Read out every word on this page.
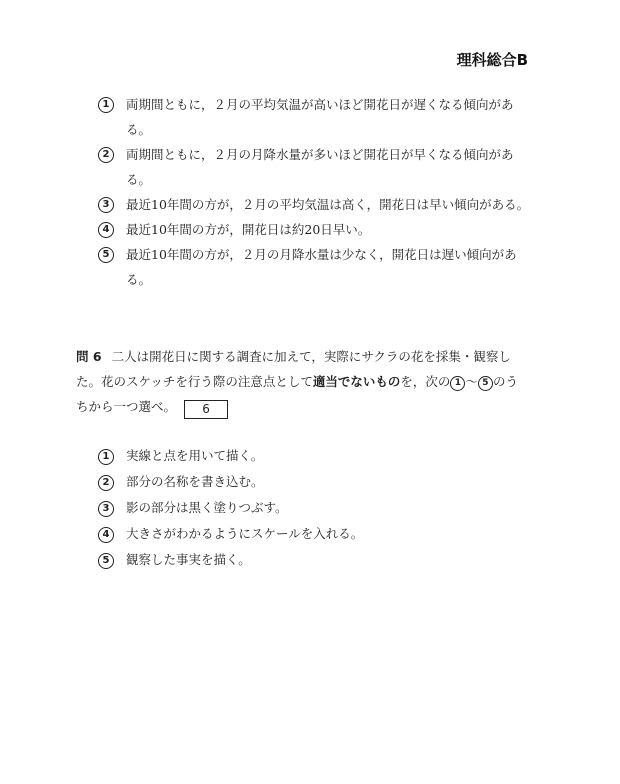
理科総合B
1	両期間ともに，２月の平均気温が高いほど開花日が遅くなる傾向がある。
2	両期間ともに，２月の月降水量が多いほど開花日が早くなる傾向がある。
3	最近10年間の方が，２月の平均気温は高く，開花日は早い傾向がある。
4	最近10年間の方が，開花日は約20日早い。
5	最近10年間の方が，２月の月降水量は少なく，開花日は遅い傾向がある。
問 6 二人は開花日に関する調査に加えて，実際にサクラの花を採集・観察した。花のスケッチを行う際の注意点として適当でないものを，次の 1 ～ 5 のうちから一つ選べ。 6
1	実線と点を用いて描く。
2	部分の名称を書き込む。
3	影の部分は黒く塗りつぶす。
4	大きさがわかるようにスケールを入れる。
5	観察した事実を描く。
